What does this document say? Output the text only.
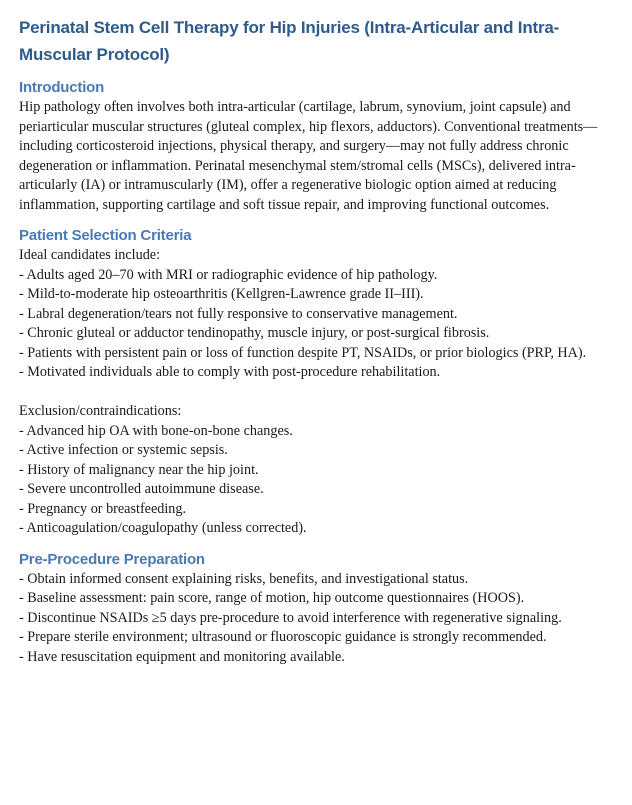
Perinatal Stem Cell Therapy for Hip Injuries (Intra-Articular and Intra-Muscular Protocol)
Introduction

Hip pathology often involves both intra-articular (cartilage, labrum, synovium, joint capsule) and periarticular muscular structures (gluteal complex, hip flexors, adductors). Conventional treatments—including corticosteroid injections, physical therapy, and surgery—may not fully address chronic degeneration or inflammation. Perinatal mesenchymal stem/stromal cells (MSCs), delivered intra-articularly (IA) or intramuscularly (IM), offer a regenerative biologic option aimed at reducing inflammation, supporting cartilage and soft tissue repair, and improving functional outcomes.

Patient Selection Criteria

Ideal candidates include:

- Adults aged 20–70 with MRI or radiographic evidence of hip pathology.

- Mild-to-moderate hip osteoarthritis (Kellgren-Lawrence grade II–III).

- Labral degeneration/tears not fully responsive to conservative management.

- Chronic gluteal or adductor tendinopathy, muscle injury, or post-surgical fibrosis.

- Patients with persistent pain or loss of function despite PT, NSAIDs, or prior biologics (PRP, HA).

- Motivated individuals able to comply with post-procedure rehabilitation.

Exclusion/contraindications:

- Advanced hip OA with bone-on-bone changes.

- Active infection or systemic sepsis.

- History of malignancy near the hip joint.

- Severe uncontrolled autoimmune disease.

- Pregnancy or breastfeeding.

- Anticoagulation/coagulopathy (unless corrected).

Pre-Procedure Preparation

- Obtain informed consent explaining risks, benefits, and investigational status.

- Baseline assessment: pain score, range of motion, hip outcome questionnaires (HOOS).

- Discontinue NSAIDs ≥5 days pre-procedure to avoid interference with regenerative signaling.

- Prepare sterile environment; ultrasound or fluoroscopic guidance is strongly recommended.

- Have resuscitation equipment and monitoring available.
